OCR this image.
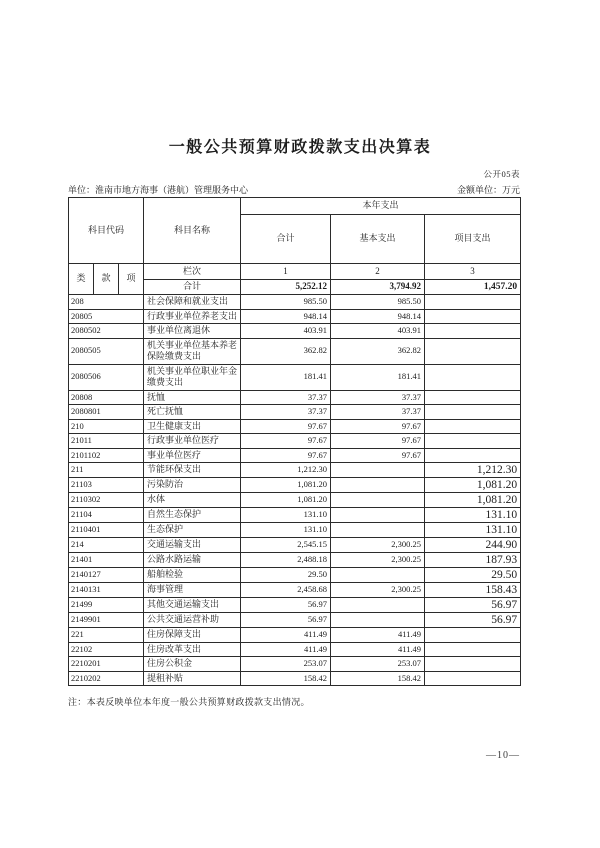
一般公共预算财政拨款支出决算表
公开05表
单位：淮南市地方海事（港航）管理服务中心	金额单位：万元
科目代码			科目名称	本年支出		
				合计	基本支出	项目支出
类	款	项	栏次	1	2	3
			合计	5,252.12	3,794.92	1,457.20
208			社会保障和就业支出	985.50	985.50	
20805			行政事业单位养老支出	948.14	948.14	
2080502			事业单位离退休	403.91	403.91	
2080505			机关事业单位基本养老保险缴费支出	362.82	362.82	
2080506			机关事业单位职业年金缴费支出	181.41	181.41	
20808			抚恤	37.37	37.37	
2080801			死亡抚恤	37.37	37.37	
210			卫生健康支出	97.67	97.67	
21011			行政事业单位医疗	97.67	97.67	
2101102			事业单位医疗	97.67	97.67	
211			节能环保支出	1,212.30		1,212.30
21103			污染防治	1,081.20		1,081.20
2110302			水体	1,081.20		1,081.20
21104			自然生态保护	131.10		131.10
2110401			生态保护	131.10		131.10
214			交通运输支出	2,545.15	2,300.25	244.90
21401			公路水路运输	2,488.18	2,300.25	187.93
2140127			船舶检验	29.50		29.50
2140131			海事管理	2,458.68	2,300.25	158.43
21499			其他交通运输支出	56.97		56.97
2149901			公共交通运营补助	56.97		56.97
221			住房保障支出	411.49	411.49	
22102			住房改革支出	411.49	411.49	
2210201			住房公积金	253.07	253.07	
2210202			提租补贴	158.42	158.42	
注：本表反映单位本年度一般公共预算财政拨款支出情况。
—10—
